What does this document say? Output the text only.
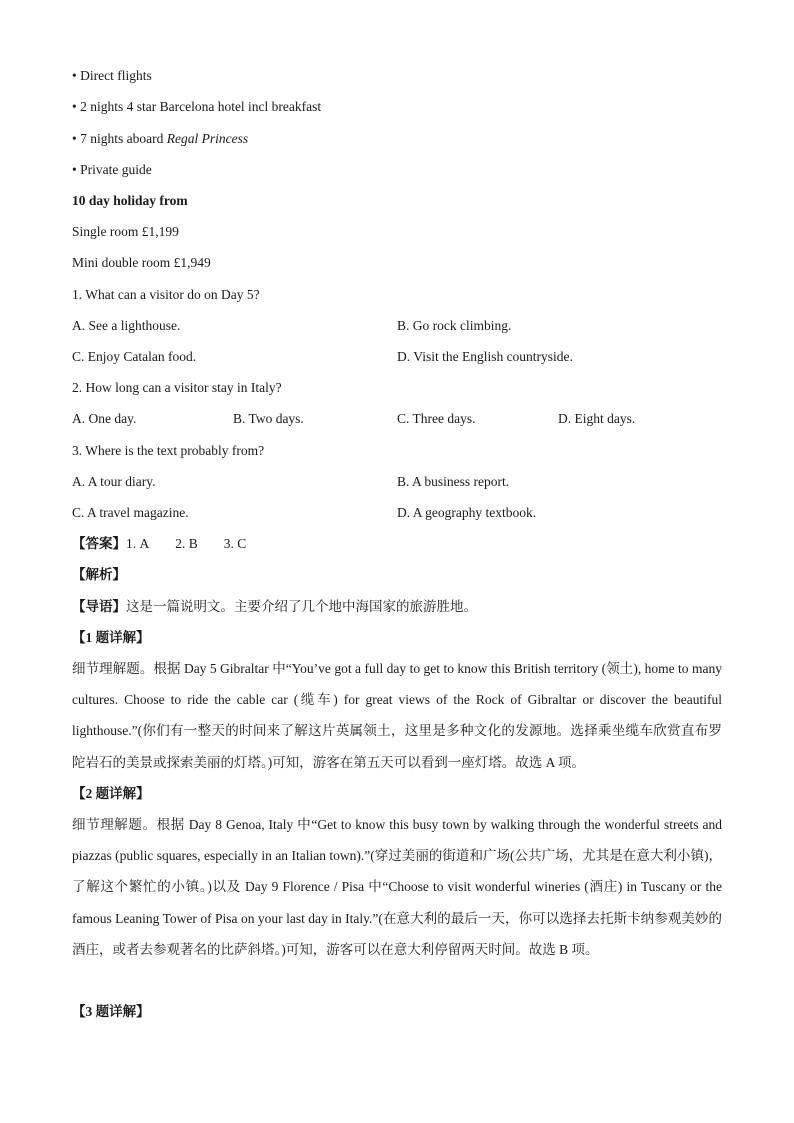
• Direct flights
• 2 nights 4 star Barcelona hotel incl breakfast
• 7 nights aboard Regal Princess
• Private guide
10 day holiday from
Single room £1,199
Mini double room £1,949
1. What can a visitor do on Day 5?
A. See a lighthouse.	B. Go rock climbing.
C. Enjoy Catalan food.	D. Visit the English countryside.
2. How long can a visitor stay in Italy?
A. One day.	B. Two days.	C. Three days.	D. Eight days.
3. Where is the text probably from?
A. A tour diary.	B. A business report.
C. A travel magazine.	D. A geography textbook.
【答案】1. A 2. B 3. C
【解析】
【导语】这是一篇说明文。主要介绍了几个地中海国家的旅游胜地。
【1 题详解】
细节理解题。根据 Day 5 Gibraltar 中“You’ve got a full day to get to know this British territory (领土), home to many cultures. Choose to ride the cable car (缆车) for great views of the Rock of Gibraltar or discover the beautiful lighthouse.”(你们有一整天的时间来了解这片英属领土，这里是多种文化的发源地。选择乘坐缆车欣赏直布罗陀岩石的美景或探索美丽的灯塔。)可知，游客在第五天可以看到一座灯塔。故选 A 项。
【2 题详解】
细节理解题。根据 Day 8 Genoa, Italy 中“Get to know this busy town by walking through the wonderful streets and piazzas (public squares, especially in an Italian town).”(穿过美丽的街道和广场(公共广场，尤其是在意大利小镇)，了解这个繁忙的小镇。)以及 Day 9 Florence / Pisa 中“Choose to visit wonderful wineries (酒庄) in Tuscany or the famous Leaning Tower of Pisa on your last day in Italy.”(在意大利的最后一天，你可以选择去托斯卡纳参观美妙的酒庄，或者去参观著名的比萨斜塔。)可知，游客可以在意大利停留两天时间。故选 B 项。
【3 题详解】
